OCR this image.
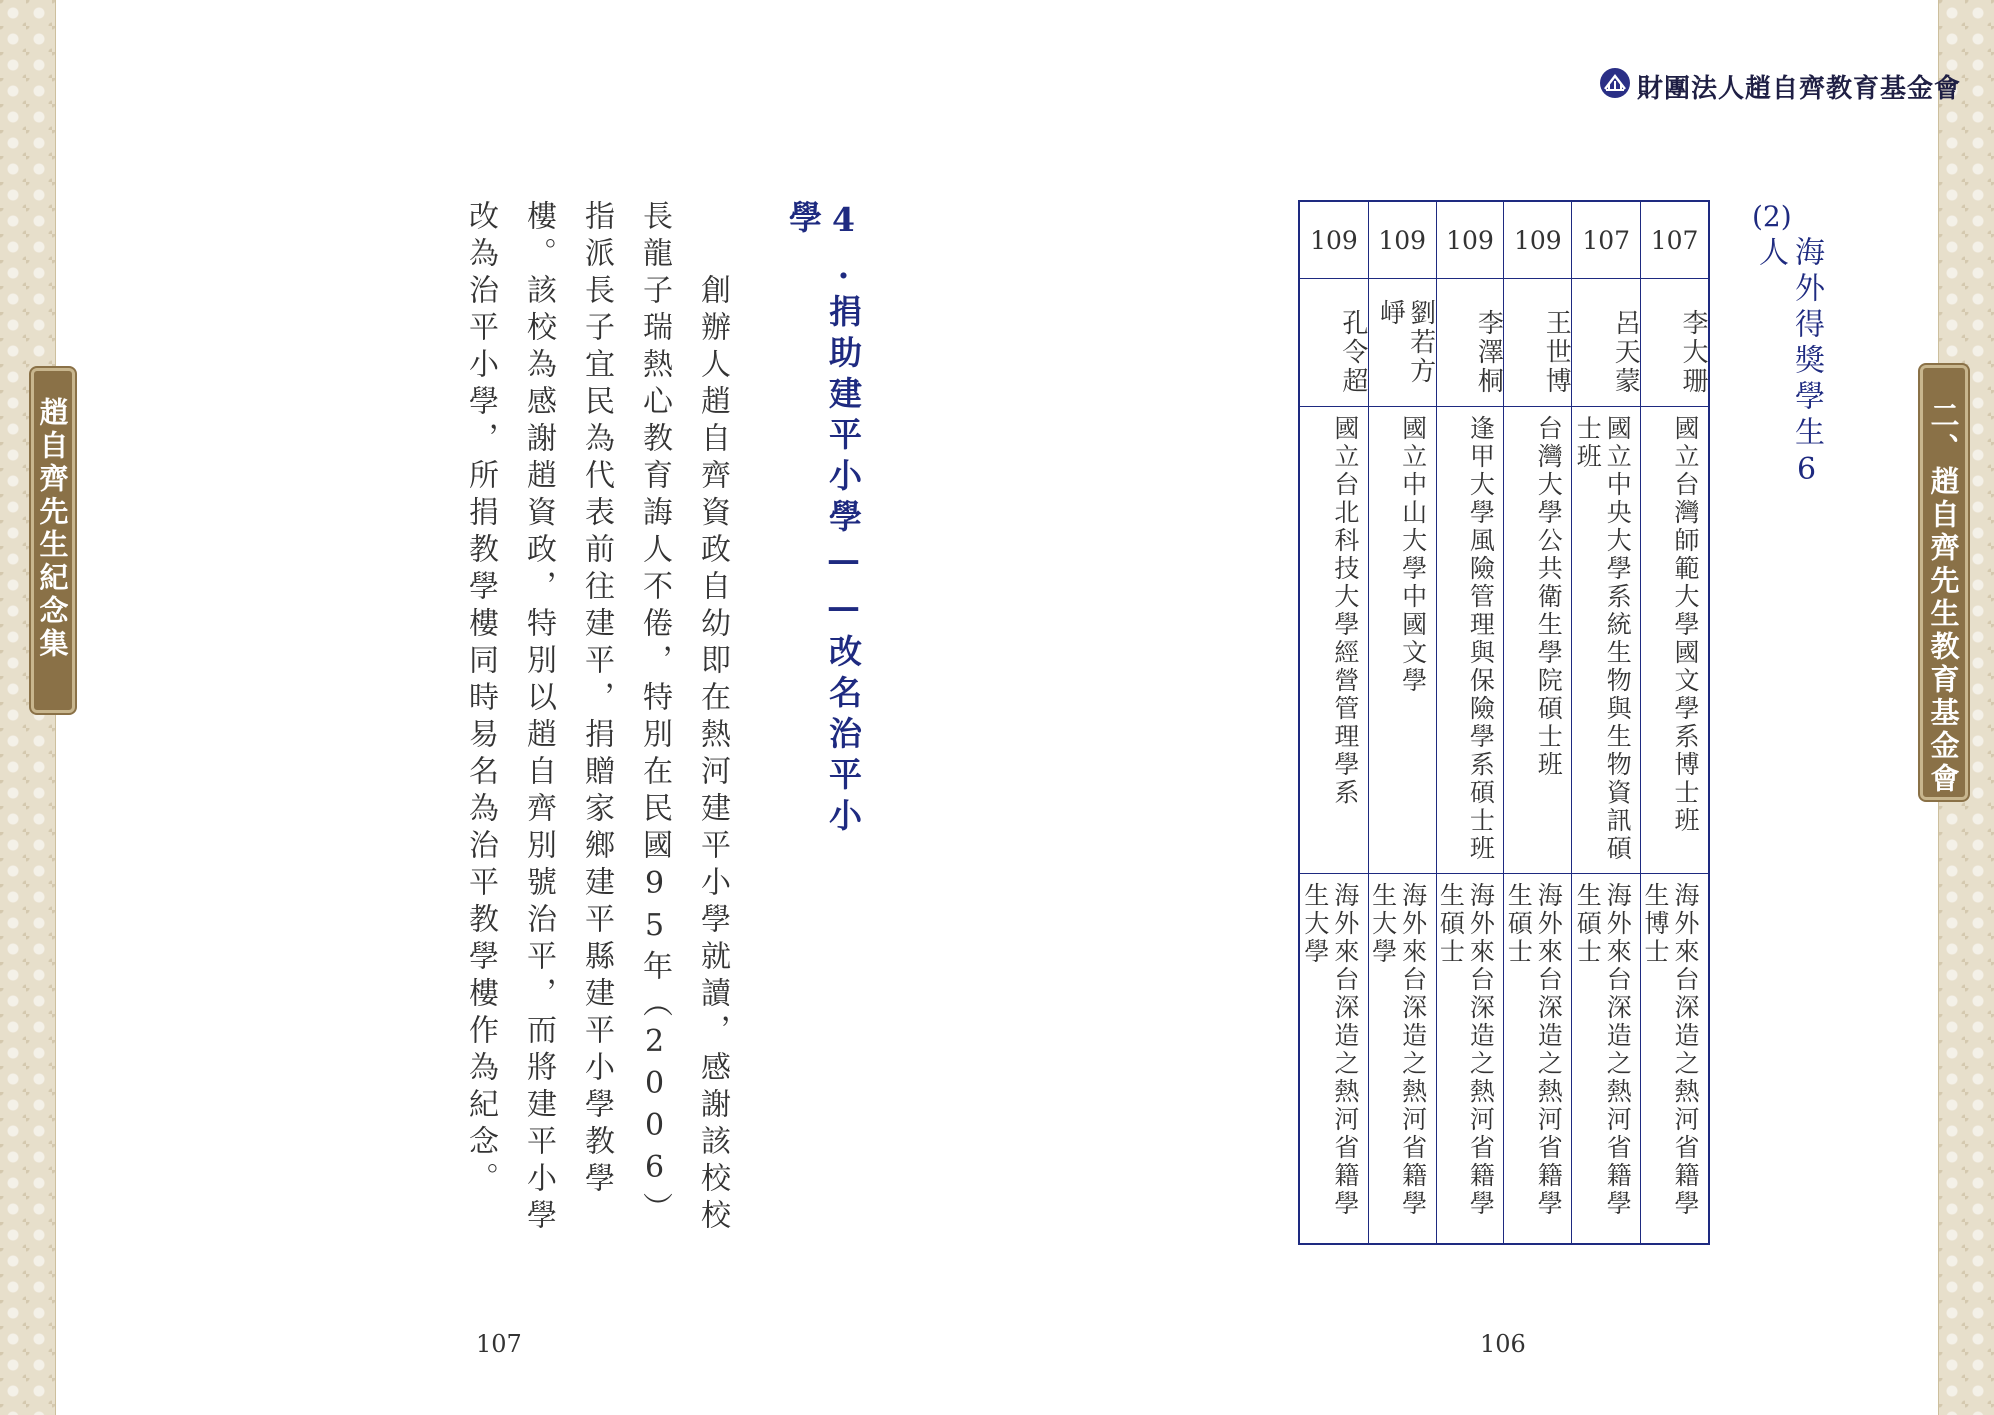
趙自齊先生紀念集	二、趙自齊先生教育基金會
財團法人趙自齊教育基金會
(2)
海外得獎學生6人
107
李大珊
國立台灣師範大學國文學系博士班
海外來台深造之熱河省籍學生博士
107
呂天蒙
國立中央大學系統生物與生物資訊碩士班
海外來台深造之熱河省籍學生碩士
109
王世博
台灣大學公共衛生學院碩士班
海外來台深造之熱河省籍學生碩士
109
李澤桐
逢甲大學風險管理與保險學系碩士班
海外來台深造之熱河省籍學生碩士
109
劉若方崢
國立中山大學中國文學
海外來台深造之熱河省籍學生大學
109
孔令超
國立台北科技大學經營管理學系
海外來台深造之熱河省籍學生大學
4.捐助建平小學——改名治平小學
　　創辦人趙自齊資政自幼即在熱河建平小學就讀，感謝該校校長龍子瑞熱心教育誨人不倦，特別在民國95年（2006）指派長子宜民為代表前往建平，捐贈家鄉建平縣建平小學教學樓。該校為感謝趙資政，特別以趙自齊別號治平，而將建平小學改為治平小學，所捐教學樓同時易名為治平教學樓作為紀念。
107	106
